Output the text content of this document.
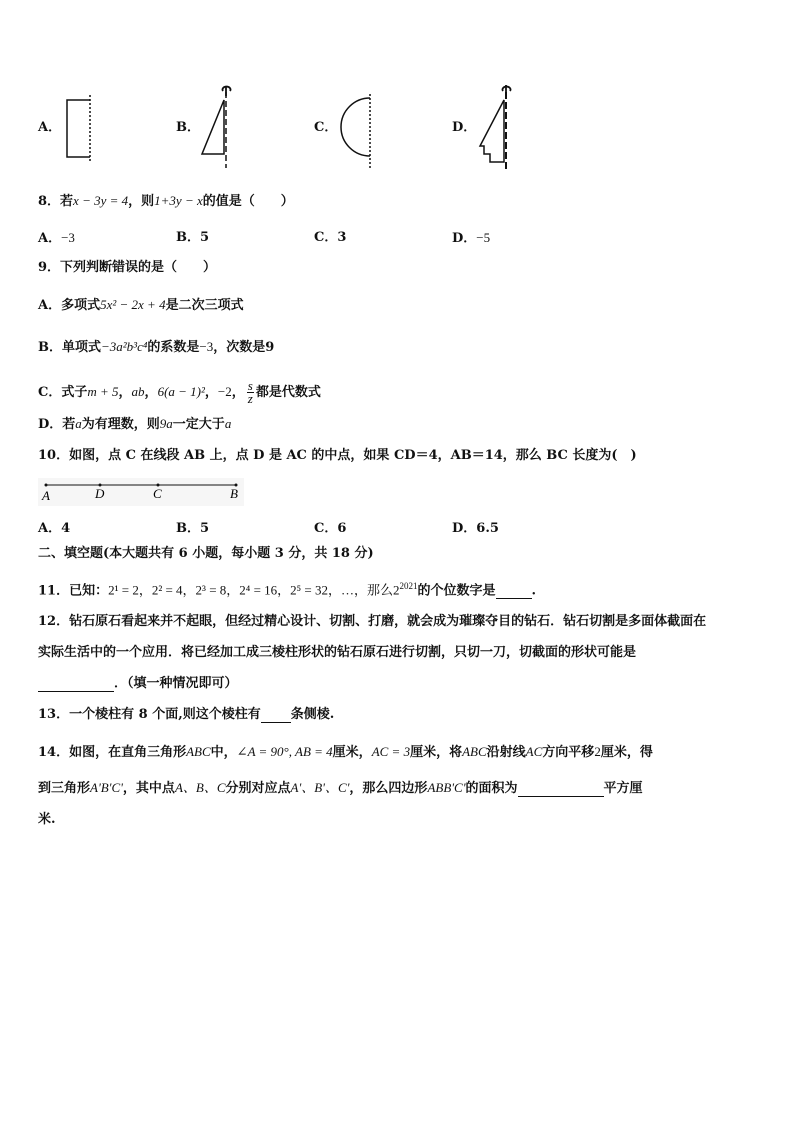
A．	B．	C．	D．
8．若x − 3y = 4，则1+3y − x的值是（　　）
A．−3	B．5	C．3	D．−5
9．下列判断错误的是（　　）
A．多项式5x² − 2x + 4是二次三项式
B．单项式−3a²b³c⁴的系数是−3，次数是9
C．式子m + 5，ab，6(a − 1)²，−2， $\frac{s}{z}$ 都是代数式
D．若a为有理数，则9a一定大于a
10．如图，点 C 在线段 AB 上，点 D 是 AC 的中点，如果 CD＝4，AB＝14，那么 BC 长度为(　)
A	D	C	B
A．4	B．5	C．6	D．6.5
二、填空题(本大题共有 6 小题，每小题 3 分，共 18 分)
11．已知：2¹ = 2，2² = 4，2³ = 8，2⁴ = 16，2⁵ = 32，…，那么$2^{2021}$的个位数字是	.
12．钻石原石看起来并不起眼，但经过精心设计、切割、打磨，就会成为璀璨夺目的钻石．钻石切割是多面体截面在
实际生活中的一个应用．将已经加工成三棱柱形状的钻石原石进行切割，只切一刀，切截面的形状可能是
．（填一种情况即可）
13．一个棱柱有 8 个面,则这个棱柱有 条侧棱.
14．如图，在直角三角形ABC中，∠A = 90°, AB = 4厘米，AC = 3厘米，将ABC沿射线AC方向平移2厘米，得
到三角形A'B'C'，其中点A、B、C分别对应点A'、B'、C'，那么四边形ABB'C'的面积为	平方厘
米.
